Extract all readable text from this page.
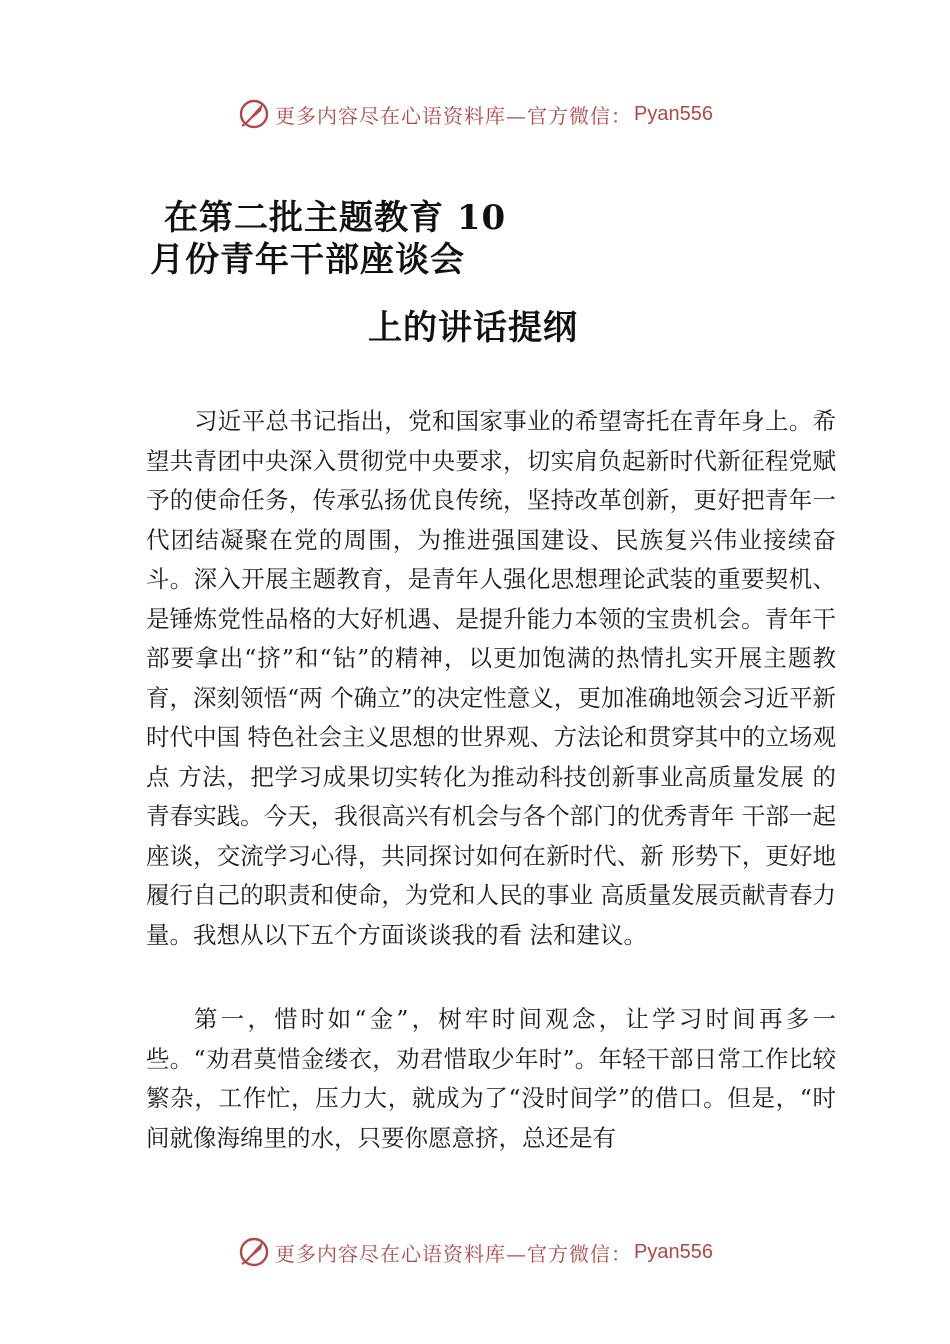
更多内容尽在心语资料库—官方微信： Pyan556
在第二批主题教育 10
月份青年干部座谈会
上的讲话提纲
习近平总书记指出，党和国家事业的希望寄托在青年身上。希望共青团中央深入贯彻党中央要求，切实肩负起新时代新征程党赋予的使命任务，传承弘扬优良传统，坚持改革创新，更好把青年一代团结凝聚在党的周围，为推进强国建设、民族复兴伟业接续奋斗。深入开展主题教育，是青年人强化思想理论武装的重要契机、是锤炼党性品格的大好机遇、是提升能力本领的宝贵机会。青年干部要拿出“挤”和“钻”的精神，以更加饱满的热情扎实开展主题教育，深刻领悟“两 个确立”的决定性意义，更加准确地领会习近平新时代中国 特色社会主义思想的世界观、方法论和贯穿其中的立场观点 方法，把学习成果切实转化为推动科技创新事业高质量发展 的青春实践。今天，我很高兴有机会与各个部门的优秀青年 干部一起座谈，交流学习心得，共同探讨如何在新时代、新 形势下，更好地履行自己的职责和使命，为党和人民的事业 高质量发展贡献青春力量。我想从以下五个方面谈谈我的看 法和建议。
第一，惜时如“金”，树牢时间观念，让学习时间再多一些。“劝君莫惜金缕衣，劝君惜取少年时”。年轻干部日常工作比较繁杂，工作忙，压力大，就成为了“没时间学”的借口。但是，“时间就像海绵里的水，只要你愿意挤，总还是有
更多内容尽在心语资料库—官方微信： Pyan556
